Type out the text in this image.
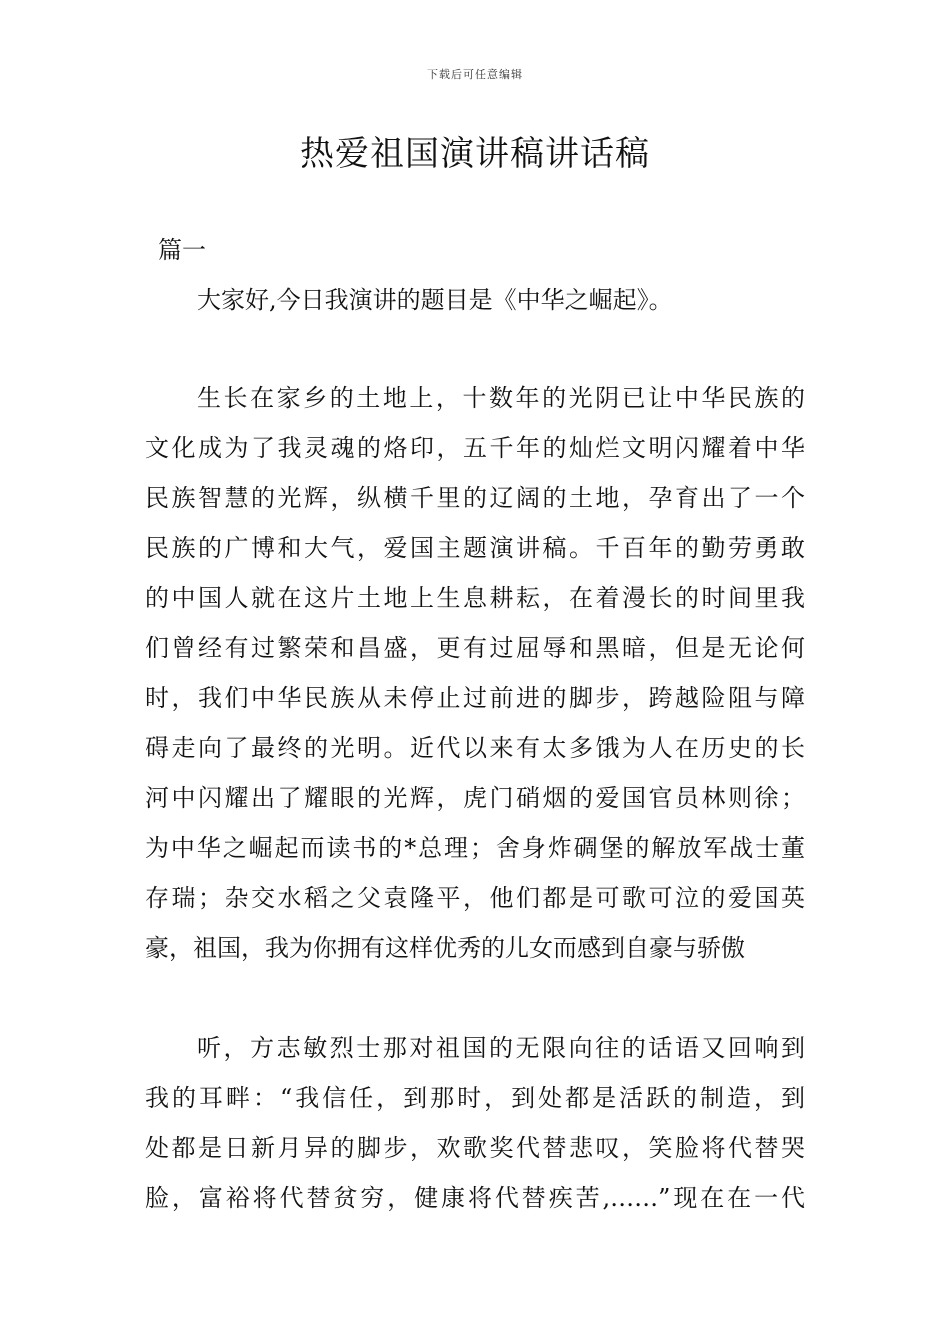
下载后可任意编辑
热爱祖国演讲稿讲话稿
篇一
大家好,今日我演讲的题目是《中华之崛起》。
生长在家乡的土地上，十数年的光阴已让中华民族的
文化成为了我灵魂的烙印，五千年的灿烂文明闪耀着中华
民族智慧的光辉，纵横千里的辽阔的土地，孕育出了一个
民族的广博和大气，爱国主题演讲稿。千百年的勤劳勇敢
的中国人就在这片土地上生息耕耘，在着漫长的时间里我
们曾经有过繁荣和昌盛，更有过屈辱和黑暗，但是无论何
时，我们中华民族从未停止过前进的脚步，跨越险阻与障
碍走向了最终的光明。近代以来有太多饿为人在历史的长
河中闪耀出了耀眼的光辉，虎门硝烟的爱国官员林则徐；
为中华之崛起而读书的*总理；舍身炸碉堡的解放军战士董
存瑞；杂交水稻之父袁隆平，他们都是可歌可泣的爱国英
豪，祖国，我为你拥有这样优秀的儿女而感到自豪与骄傲
听，方志敏烈士那对祖国的无限向往的话语又回响到
我的耳畔：“我信任，到那时，到处都是活跃的制造，到
处都是日新月异的脚步，欢歌奖代替悲叹，笑脸将代替哭
脸，富裕将代替贫穷，健康将代替疾苦,……”现在在一代
